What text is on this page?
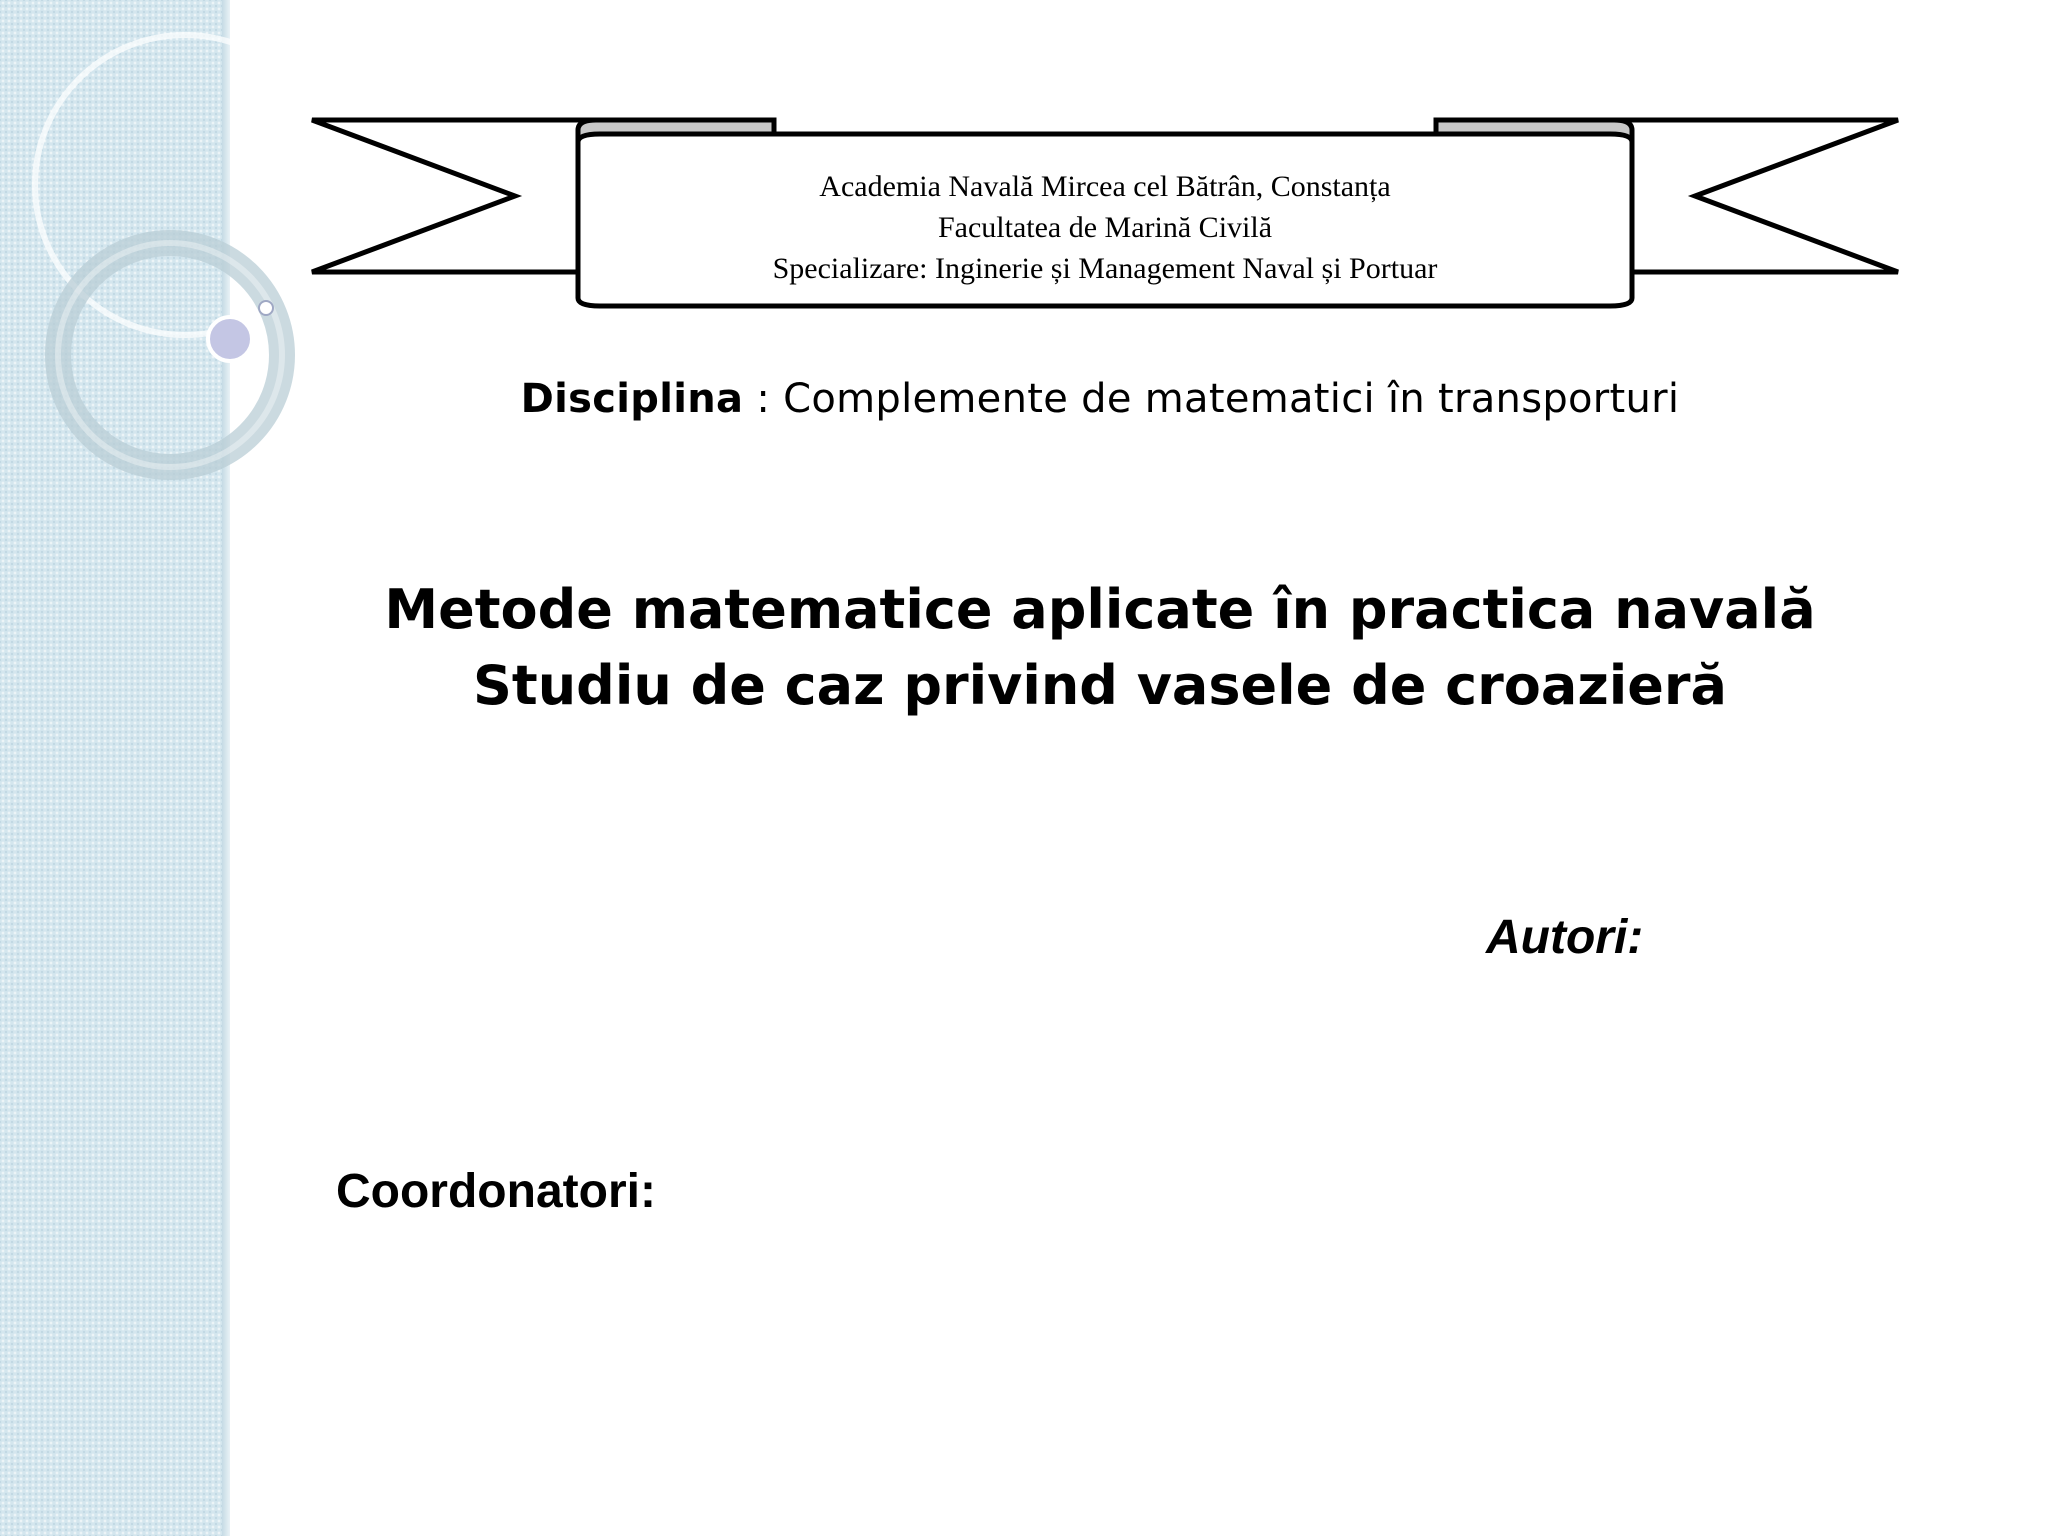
Academia Navală Mircea cel Bătrân, Constanța
Facultatea de Marină Civilă
Specializare: Inginerie și Management Naval și Portuar
Disciplina : Complemente de matematici în transporturi
Metode matematice aplicate în practica navală
Studiu de caz privind vasele de croazieră
Autori:
Coordonatori:
